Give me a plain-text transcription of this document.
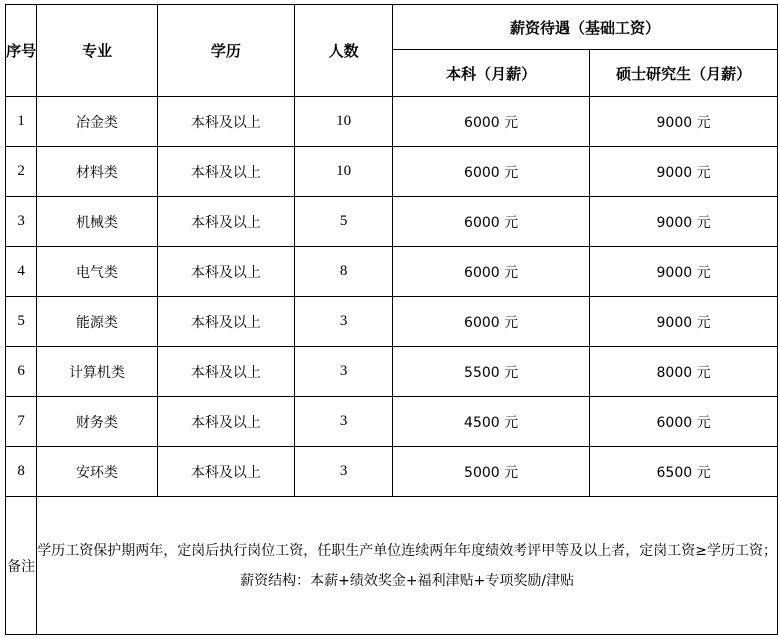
序号	专业	学历	人数	薪资待遇（基础工资）	
				本科（月薪）	硕士研究生（月薪）
1	冶金类	本科及以上	10	6000 元	9000 元
2	材料类	本科及以上	10	6000 元	9000 元
3	机械类	本科及以上	5	6000 元	9000 元
4	电气类	本科及以上	8	6000 元	9000 元
5	能源类	本科及以上	3	6000 元	9000 元
6	计算机类	本科及以上	3	5500 元	8000 元
7	财务类	本科及以上	3	4500 元	6000 元
8	安环类	本科及以上	3	5000 元	6500 元
备注	学历工资保护期两年，定岗后执行岗位工资，任职生产单位连续两年年度绩效考评甲等及以上者，定岗工资≥学历工资；
薪资结构：本薪+绩效奖金+福利津贴+专项奖励/津贴				
